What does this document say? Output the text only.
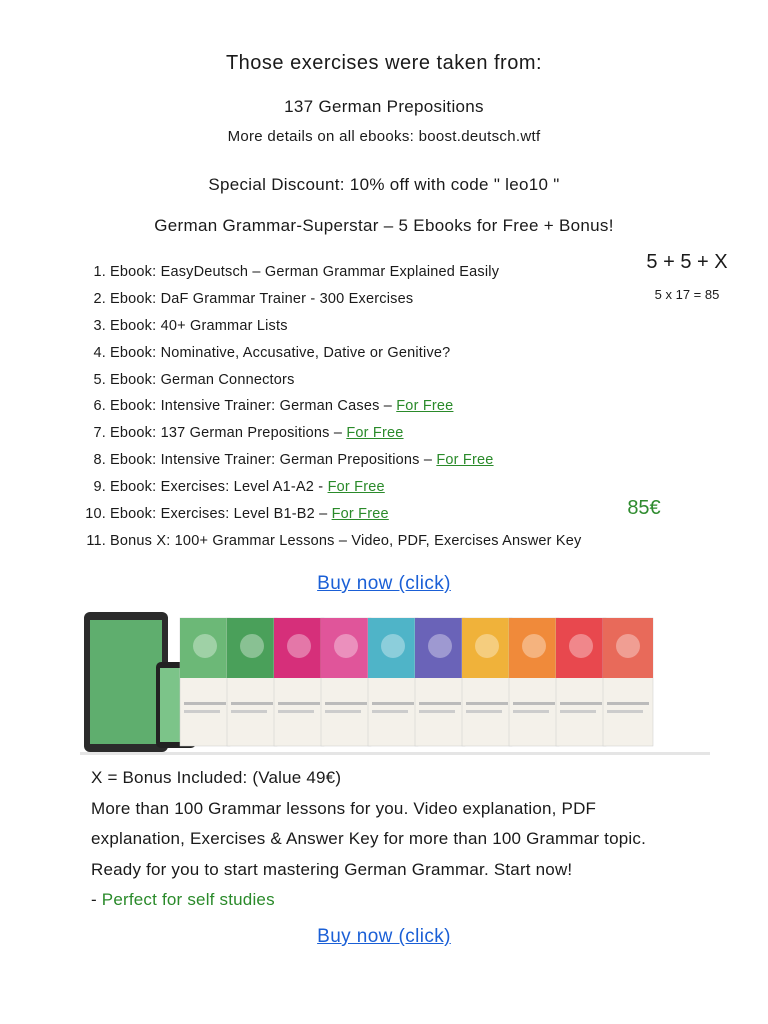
Those exercises were taken from:
137 German Prepositions
More details on all ebooks: boost.deutsch.wtf
Special Discount: 10% off with code " leo10 "
German Grammar-Superstar – 5 Ebooks for Free + Bonus!
1. Ebook: EasyDeutsch – German Grammar Explained Easily
2. Ebook: DaF Grammar Trainer - 300 Exercises
3. Ebook: 40+ Grammar Lists
4. Ebook: Nominative, Accusative, Dative or Genitive?
5. Ebook: German Connectors
6. Ebook: Intensive Trainer: German Cases – For Free
7. Ebook: 137 German Prepositions – For Free
8. Ebook: Intensive Trainer: German Prepositions – For Free
9. Ebook: Exercises: Level A1-A2 - For Free
10. Ebook: Exercises: Level B1-B2 – For Free
11. Bonus X: 100+ Grammar Lessons – Video, PDF, Exercises Answer Key
5 + 5 + X
5 x 17 = 85
85€
Buy now (click)

X = Bonus Included: (Value 49€)

More than 100 Grammar lessons for you. Video explanation, PDF explanation, Exercises & Answer Key for more than 100 Grammar topic. Ready for you to start mastering German Grammar. Start now!

- Perfect for self studies

Buy now (click)
